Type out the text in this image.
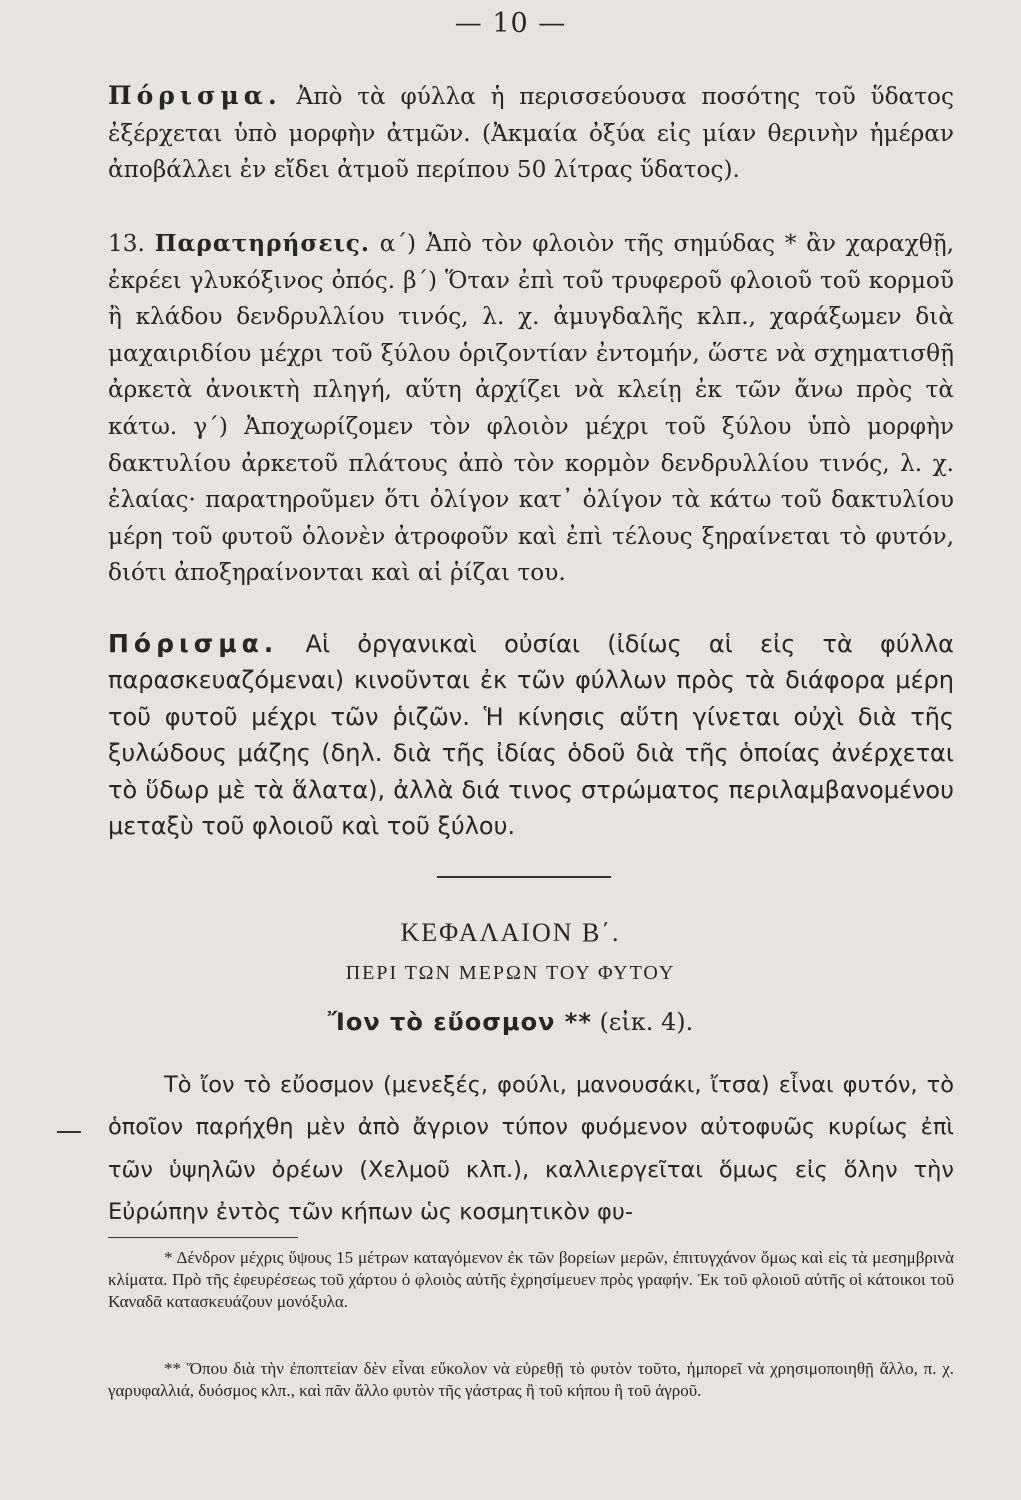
— 10 —

Πόρισμα. Ἀπὸ τὰ φύλλα ἡ περισσεύουσα ποσότης τοῦ ὕδατος ἐξέρχεται ὑπὸ μορφὴν ἀτμῶν. (Ἀκμαία ὀξύα εἰς μίαν θερινὴν ἡμέραν ἀποβάλλει ἐν εἴδει ἀτμοῦ περίπου 50 λίτρας ὕδατος).

13. Παρατηρήσεις. α΄) Ἀπὸ τὸν φλοιὸν τῆς σημύδας * ἂν χαραχθῇ, ἐκρέει γλυκόξινος ὀπός. β΄) Ὅταν ἐπὶ τοῦ τρυφεροῦ φλοιοῦ τοῦ κορμοῦ ἢ κλάδου δενδρυλλίου τινός, λ. χ. ἀμυγδαλῆς κλπ., χαράξωμεν διὰ μαχαιριδίου μέχρι τοῦ ξύλου ὁριζοντίαν ἐντομήν, ὥστε νὰ σχηματισθῇ ἀρκετὰ ἀνοικτὴ πληγή, αὕτη ἀρχίζει νὰ κλείῃ ἐκ τῶν ἄνω πρὸς τὰ κάτω. γ΄) Ἀποχωρίζομεν τὸν φλοιὸν μέχρι τοῦ ξύλου ὑπὸ μορφὴν δακτυλίου ἀρκετοῦ πλάτους ἀπὸ τὸν κορμὸν δενδρυλλίου τινός, λ. χ. ἐλαίας· παρατηροῦμεν ὅτι ὀλίγον κατ᾿ ὀλίγον τὰ κάτω τοῦ δακτυλίου μέρη τοῦ φυτοῦ ὁλονὲν ἀτροφοῦν καὶ ἐπὶ τέλους ξηραίνεται τὸ φυτόν, διότι ἀποξηραίνονται καὶ αἱ ῥίζαι του.

Πόρισμα. Αἱ ὀργανικαὶ οὐσίαι (ἰδίως αἱ εἰς τὰ φύλλα παρασκευαζόμεναι) κινοῦνται ἐκ τῶν φύλλων πρὸς τὰ διάφορα μέρη τοῦ φυτοῦ μέχρι τῶν ῥιζῶν. Ἡ κίνησις αὕτη γίνεται οὐχὶ διὰ τῆς ξυλώδους μάζης (δηλ. διὰ τῆς ἰδίας ὁδοῦ διὰ τῆς ὁποίας ἀνέρχεται τὸ ὕδωρ μὲ τὰ ἅλατα), ἀλλὰ διά τινος στρώματος περιλαμβανομένου μεταξὺ τοῦ φλοιοῦ καὶ τοῦ ξύλου.

ΚΕΦΑΛΑΙΟΝ Β΄.
ΠΕΡΙ ΤΩΝ ΜΕΡΩΝ ΤΟΥ ΦΥΤΟΥ
Ἴον τὸ εὔοσμον ** (εἰκ. 4).

Τὸ ἴον τὸ εὔοσμον (μενεξές, φούλι, μανουσάκι, ἴτσα) εἶναι φυτόν, τὸ ὁποῖον παρήχθη μὲν ἀπὸ ἄγριον τύπον φυόμενον αὐτοφυῶς κυρίως ἐπὶ τῶν ὑψηλῶν ὀρέων (Χελμοῦ κλπ.), καλλιεργεῖται ὅμως εἰς ὅλην τὴν Εὐρώπην ἐντὸς τῶν κήπων ὡς κοσμητικὸν φυ-

* Δένδρον μέχρις ὕψους 15 μέτρων καταγόμενον ἐκ τῶν βορείων μερῶν, ἐπιτυγχάνον ὅμως καὶ εἰς τὰ μεσημβρινὰ κλίματα. Πρὸ τῆς ἐφευρέσεως τοῦ χάρτου ὁ φλοιὸς αὐτῆς ἐχρησίμευεν πρὸς γραφήν. Ἐκ τοῦ φλοιοῦ αὐτῆς οἱ κάτοικοι τοῦ Καναδᾶ κατασκευάζουν μονόξυλα.

** Ὅπου διὰ τὴν ἐποπτείαν δὲν εἶναι εὔκολον νὰ εὑρεθῇ τὸ φυτὸν τοῦτο, ἠμπορεῖ νὰ χρησιμοποιηθῇ ἄλλο, π. χ. γαρυφαλλιά, δυόσμος κλπ., καὶ πᾶν ἄλλο φυτὸν τῆς γάστρας ἢ τοῦ κήπου ἢ τοῦ ἀγροῦ.
